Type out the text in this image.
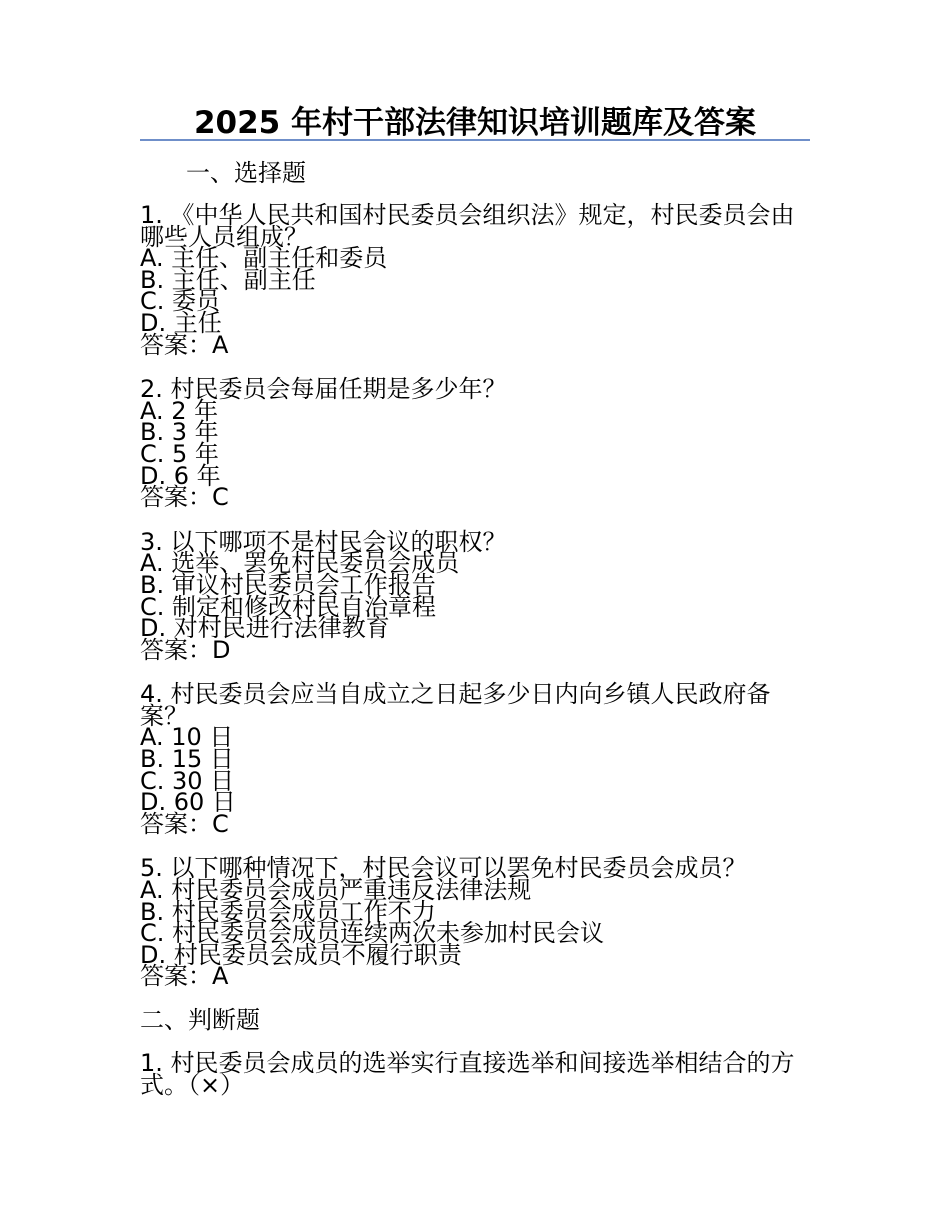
2025 年村干部法律知识培训题库及答案
一、选择题
1. 《中华人民共和国村民委员会组织法》规定，村民委员会由哪些人员组成？
A. 主任、副主任和委员
B. 主任、副主任
C. 委员
D. 主任
答案：A
2. 村民委员会每届任期是多少年？
A. 2 年
B. 3 年
C. 5 年
D. 6 年
答案：C
3. 以下哪项不是村民会议的职权？
A. 选举、罢免村民委员会成员
B. 审议村民委员会工作报告
C. 制定和修改村民自治章程
D. 对村民进行法律教育
答案：D
4. 村民委员会应当自成立之日起多少日内向乡镇人民政府备案？
A. 10 日
B. 15 日
C. 30 日
D. 60 日
答案：C
5. 以下哪种情况下，村民会议可以罢免村民委员会成员？
A. 村民委员会成员严重违反法律法规
B. 村民委员会成员工作不力
C. 村民委员会成员连续两次未参加村民会议
D. 村民委员会成员不履行职责
答案：A
二、判断题
1. 村民委员会成员的选举实行直接选举和间接选举相结合的方式。（×）
